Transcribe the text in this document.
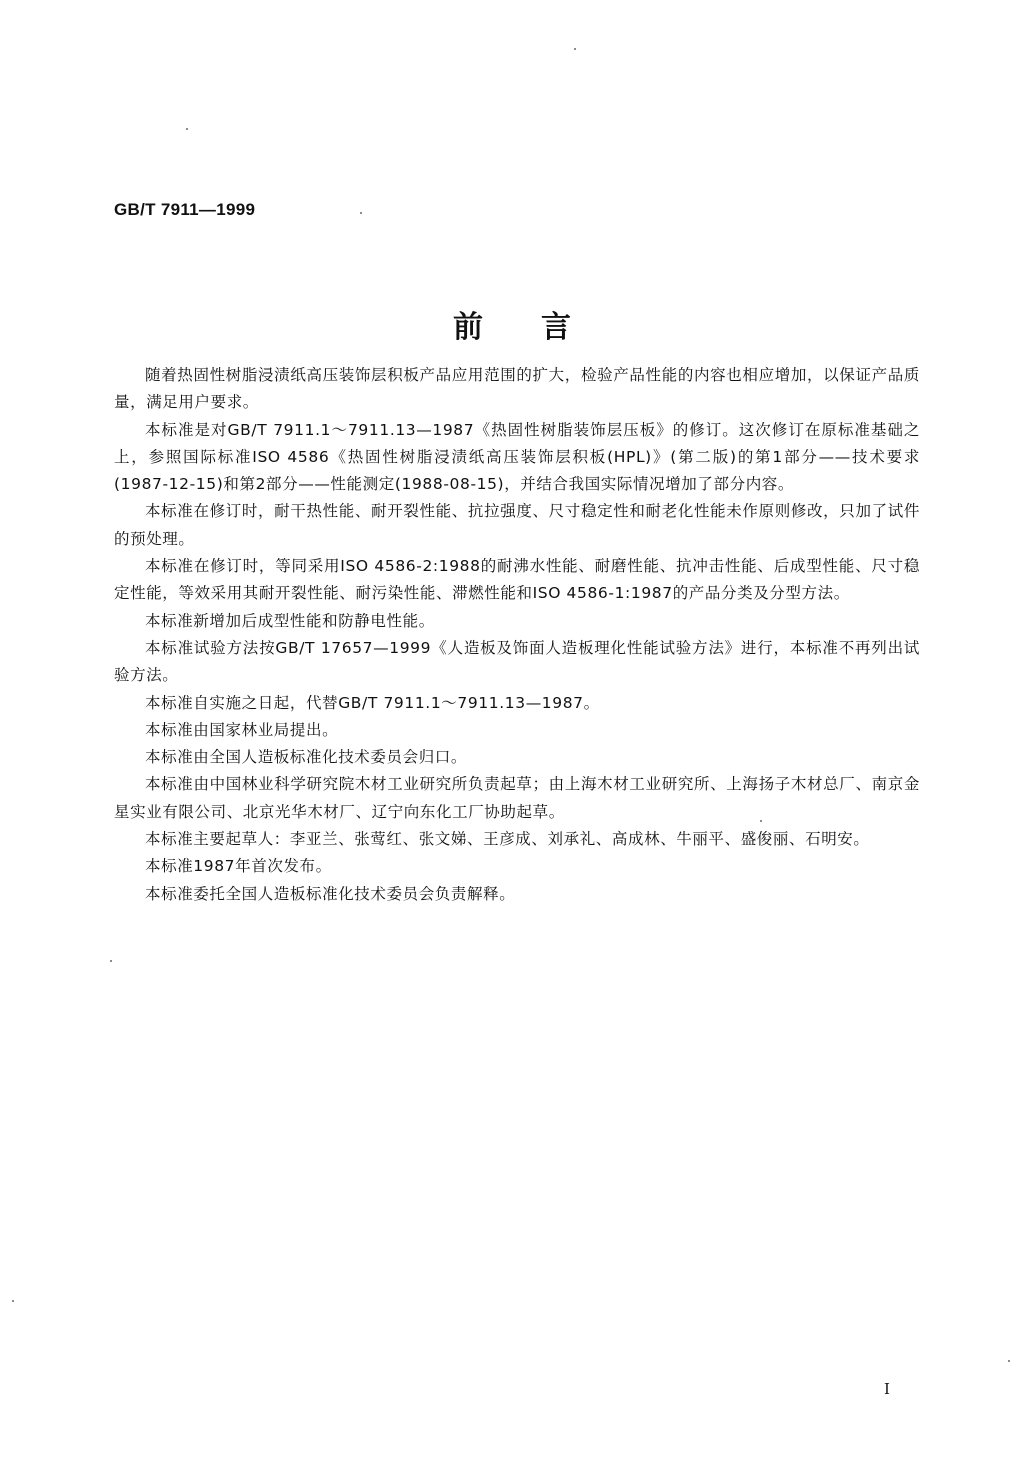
GB/T 7911—1999
前言

随着热固性树脂浸渍纸高压装饰层积板产品应用范围的扩大，检验产品性能的内容也相应增加，以保证产品质量，满足用户要求。

本标准是对GB/T 7911.1～7911.13—1987《热固性树脂装饰层压板》的修订。这次修订在原标准基础之上，参照国际标准ISO 4586《热固性树脂浸渍纸高压装饰层积板(HPL)》(第二版)的第1部分——技术要求(1987-12-15)和第2部分——性能测定(1988-08-15)，并结合我国实际情况增加了部分内容。

本标准在修订时，耐干热性能、耐开裂性能、抗拉强度、尺寸稳定性和耐老化性能未作原则修改，只加了试件的预处理。

本标准在修订时，等同采用ISO 4586-2:1988的耐沸水性能、耐磨性能、抗冲击性能、后成型性能、尺寸稳定性能，等效采用其耐开裂性能、耐污染性能、滞燃性能和ISO 4586-1:1987的产品分类及分型方法。

本标准新增加后成型性能和防静电性能。

本标准试验方法按GB/T 17657—1999《人造板及饰面人造板理化性能试验方法》进行，本标准不再列出试验方法。

本标准自实施之日起，代替GB/T 7911.1～7911.13—1987。

本标准由国家林业局提出。

本标准由全国人造板标准化技术委员会归口。

本标准由中国林业科学研究院木材工业研究所负责起草；由上海木材工业研究所、上海扬子木材总厂、南京金星实业有限公司、北京光华木材厂、辽宁向东化工厂协助起草。

本标准主要起草人：李亚兰、张莺红、张文娣、王彦成、刘承礼、高成林、牛丽平、盛俊丽、石明安。

本标准1987年首次发布。

本标准委托全国人造板标准化技术委员会负责解释。

I
